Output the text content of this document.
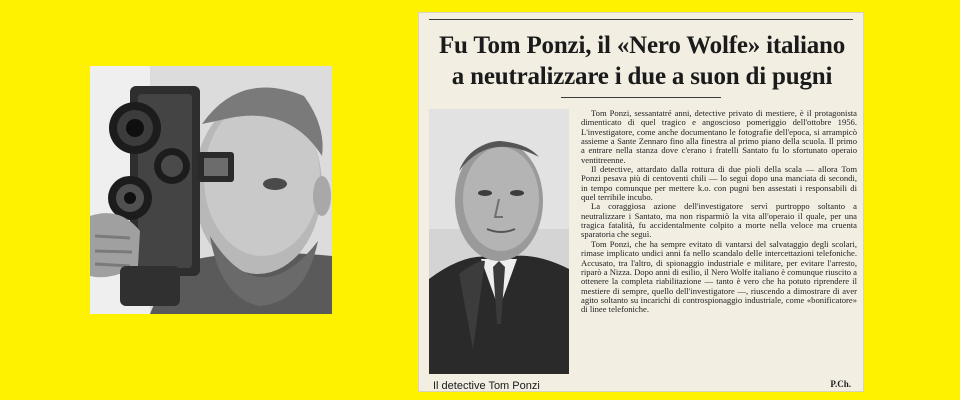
Fu Tom Ponzi, il «Nero Wolfe» italiano
a neutralizzare i due a suon di pugni
Il detective Tom Ponzi

Tom Ponzi, sessantatré anni, detective privato di mestiere, è il protagonista dimenticato di quel tragico e angoscioso pomeriggio dell'ottobre 1956. L'investigatore, come anche documentano le fotografie dell'epoca, si arrampicò assieme a Sante Zennaro fino alla finestra al primo piano della scuola. Il primo a entrare nella stanza dove c'erano i fratelli Santato fu lo sfortunato operaio ventitreenne.

Il detective, attardato dalla rottura di due pioli della scala — allora Tom Ponzi pesava più di centoventi chili — lo seguì dopo una manciata di secondi, in tempo comunque per mettere k.o. con pugni ben assestati i responsabili di quel terribile incubo.

La coraggiosa azione dell'investigatore servì purtroppo soltanto a neutralizzare i Santato, ma non risparmiò la vita all'operaio il quale, per una tragica fatalità, fu accidentalmente colpito a morte nella veloce ma cruenta sparatoria che seguì.

Tom Ponzi, che ha sempre evitato di vantarsi del salvataggio degli scolari, rimase implicato undici anni fa nello scandalo delle intercettazioni telefoniche. Accusato, tra l'altro, di spionaggio industriale e militare, per evitare l'arresto, riparò a Nizza. Dopo anni di esilio, il Nero Wolfe italiano è comunque riuscito a ottenere la completa riabilitazione — tanto è vero che ha potuto riprendere il mestiere di sempre, quello dell'investigatore —, riuscendo a dimostrare di aver agito soltanto su incarichi di controspionaggio industriale, come «bonificatore» di linee telefoniche.

P.Ch.
